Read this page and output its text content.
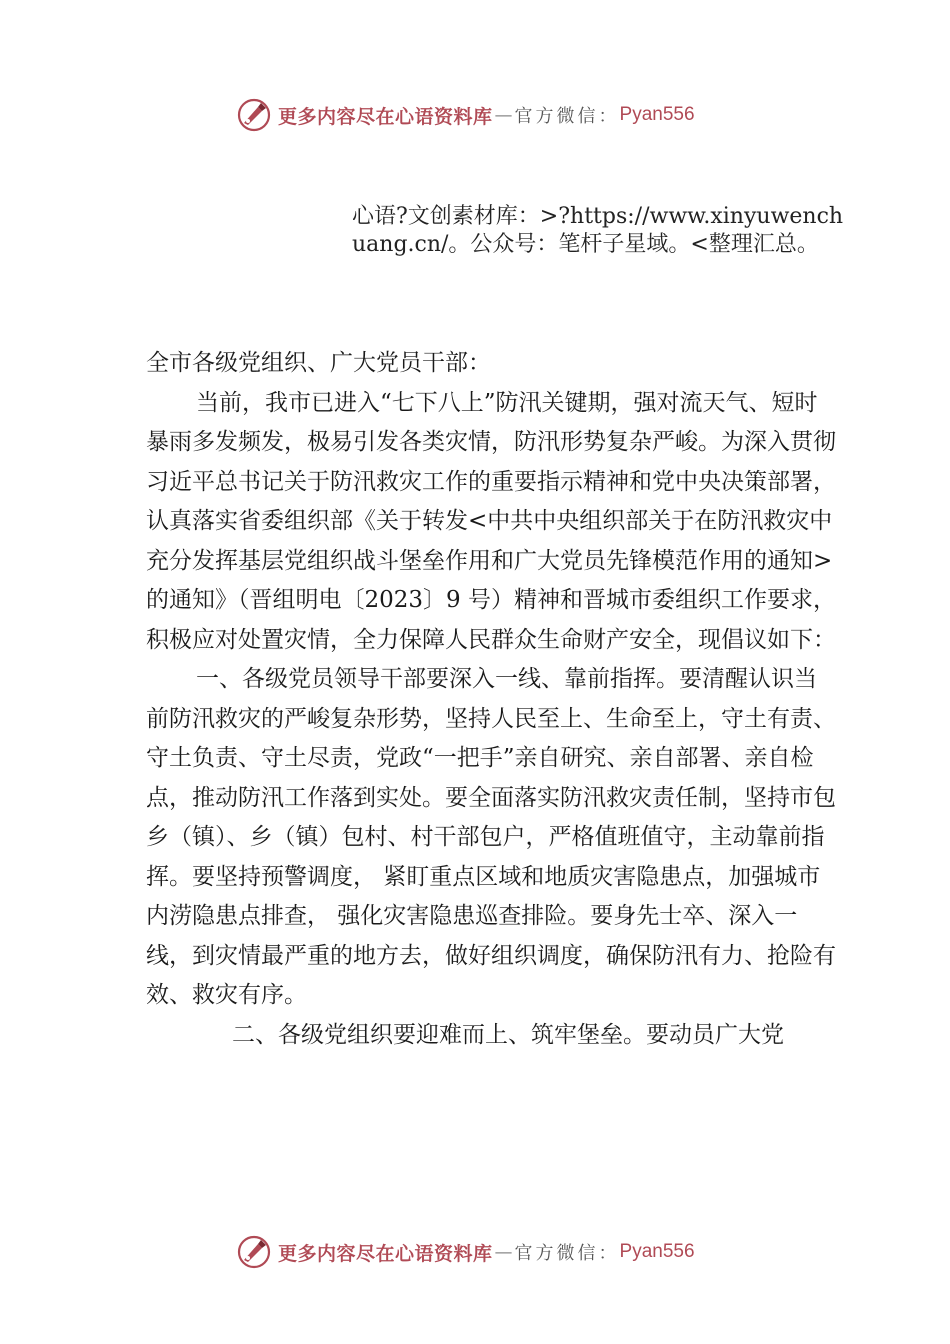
更多内容尽在心语资料库 — 官方微信： Pyan556
心语?文创素材库：>?https://www.xinyuwenchuang.cn/。公众号：笔杆子星域。<整理汇总。

全市各级党组织、广大党员干部：

当前，我市已进入“七下八上”防汛关键期，强对流天气、短时暴雨多发频发，极易引发各类灾情，防汛形势复杂严峻。为深入贯彻习近平总书记关于防汛救灾工作的重要指示精神和党中央决策部署，认真落实省委组织部《关于转发<中共中央组织部关于在防汛救灾中充分发挥基层党组织战斗堡垒作用和广大党员先锋模范作用的通知>的通知》（晋组明电〔2023〕9 号）精神和晋城市委组织工作要求，积极应对处置灾情，全力保障人民群众生命财产安全，现倡议如下：

一、各级党员领导干部要深入一线、靠前指挥。要清醒认识当前防汛救灾的严峻复杂形势，坚持人民至上、生命至上，守土有责、守土负责、守土尽责，党政“一把手”亲自研究、亲自部署、亲自检点，推动防汛工作落到实处。要全面落实防汛救灾责任制，坚持市包乡（镇）、乡（镇）包村、村干部包户，严格值班值守，主动靠前指挥。要坚持预警调度， 紧盯重点区域和地质灾害隐患点，加强城市内涝隐患点排查， 强化灾害隐患巡查排险。要身先士卒、深入一线，到灾情最严重的地方去，做好组织调度，确保防汛有力、抢险有效、救灾有序。

二、各级党组织要迎难而上、筑牢堡垒。要动员广大党

更多内容尽在心语资料库 — 官方微信： Pyan556
